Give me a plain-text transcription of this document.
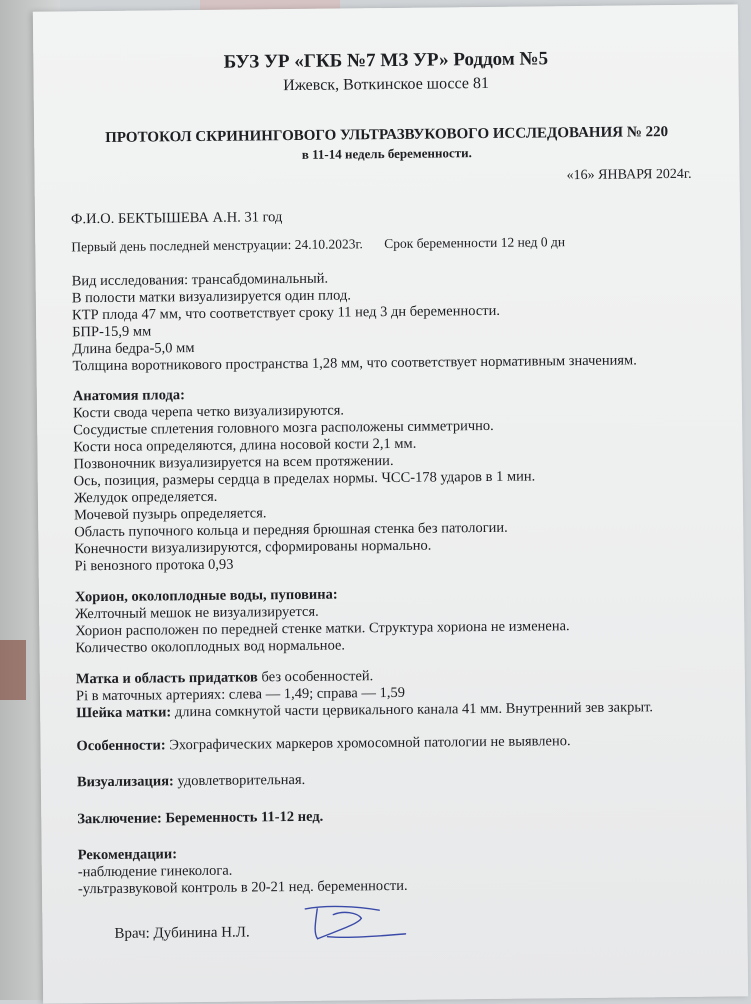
БУЗ УР «ГКБ №7 МЗ УР» Роддом №5
Ижевск, Воткинское шоссе 81
ПРОТОКОЛ СКРИНИНГОВОГО УЛЬТРАЗВУКОВОГО ИССЛЕДОВАНИЯ № 220
в 11-14 недель беременности.
«16» ЯНВАРЯ 2024г.
Ф.И.О. БЕКТЫШЕВА А.Н. 31 год
Первый день последней менструации: 24.10.2023г. Срок беременности 12 нед 0 дн
Вид исследования: трансабдоминальный.
В полости матки визуализируется один плод.
КТР плода 47 мм, что соответствует сроку 11 нед 3 дн беременности.
БПР-15,9 мм
Длина бедра-5,0 мм
Толщина воротникового пространства 1,28 мм, что соответствует нормативным значениям.
Анатомия плода:
Кости свода черепа четко визуализируются.
Сосудистые сплетения головного мозга расположены симметрично.
Кости носа определяются, длина носовой кости 2,1 мм.
Позвоночник визуализируется на всем протяжении.
Ось, позиция, размеры сердца в пределах нормы. ЧСС-178 ударов в 1 мин.
Желудок определяется.
Мочевой пузырь определяется.
Область пупочного кольца и передняя брюшная стенка без патологии.
Конечности визуализируются, сформированы нормально.
Pi венозного протока 0,93
Хорион, околоплодные воды, пуповина:
Желточный мешок не визуализируется.
Хорион расположен по передней стенке матки. Структура хориона не изменена.
Количество околоплодных вод нормальное.
Матка и область придатков без особенностей.
Pi в маточных артериях: слева — 1,49; справа — 1,59
Шейка матки: длина сомкнутой части цервикального канала 41 мм. Внутренний зев закрыт.
Особенности: Эхографических маркеров хромосомной патологии не выявлено.
Визуализация: удовлетворительная.
Заключение: Беременность 11-12 нед.
Рекомендации:
-наблюдение гинеколога.
-ультразвуковой контроль в 20-21 нед. беременности.
Врач: Дубинина Н.Л.
